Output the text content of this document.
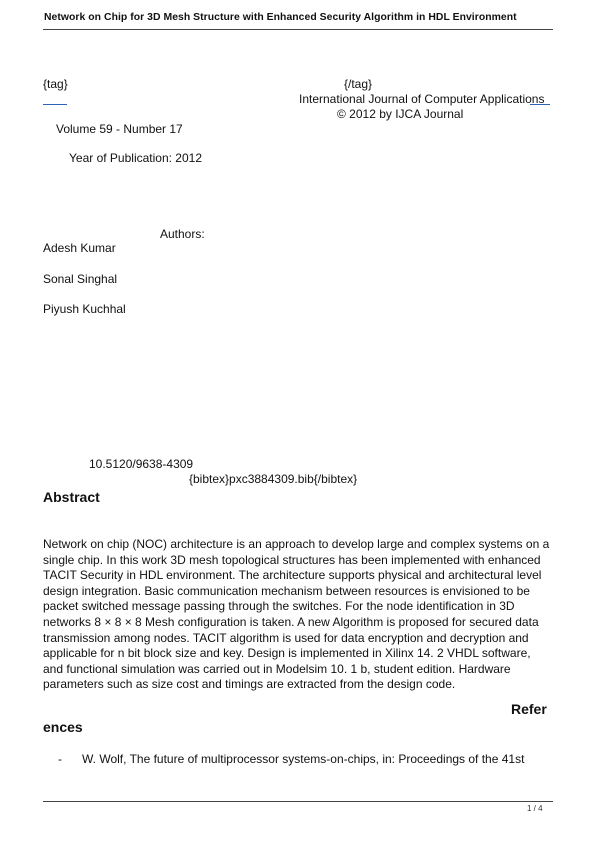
Network on Chip for 3D Mesh Structure with Enhanced Security Algorithm in HDL Environment
{tag}	{/tag}
International Journal of Computer Applications
© 2012 by IJCA Journal
Volume 59 - Number 17
Year of Publication: 2012
Authors:
Adesh Kumar
Sonal Singhal
Piyush Kuchhal
10.5120/9638-4309
{bibtex}pxc3884309.bib{/bibtex}
Abstract
Network on chip (NOC) architecture is an approach to develop large and complex systems on a
single chip. In this work 3D mesh topological structures has been implemented with enhanced
TACIT Security in HDL environment. The architecture supports physical and architectural level
design integration. Basic communication mechanism between resources is envisioned to be
packet switched message passing through the switches. For the node identification in 3D
networks 8 × 8 × 8 Mesh configuration is taken. A new Algorithm is proposed for secured data
transmission among nodes. TACIT algorithm is used for data encryption and decryption and
applicable for n bit block size and key. Design is implemented in Xilinx 14. 2 VHDL software,
and functional simulation was carried out in Modelsim 10. 1 b, student edition. Hardware
parameters such as size cost and timings are extracted from the design code.
Refer
ences
- W. Wolf, The future of multiprocessor systems-on-chips, in: Proceedings of the 41st
1 / 4
